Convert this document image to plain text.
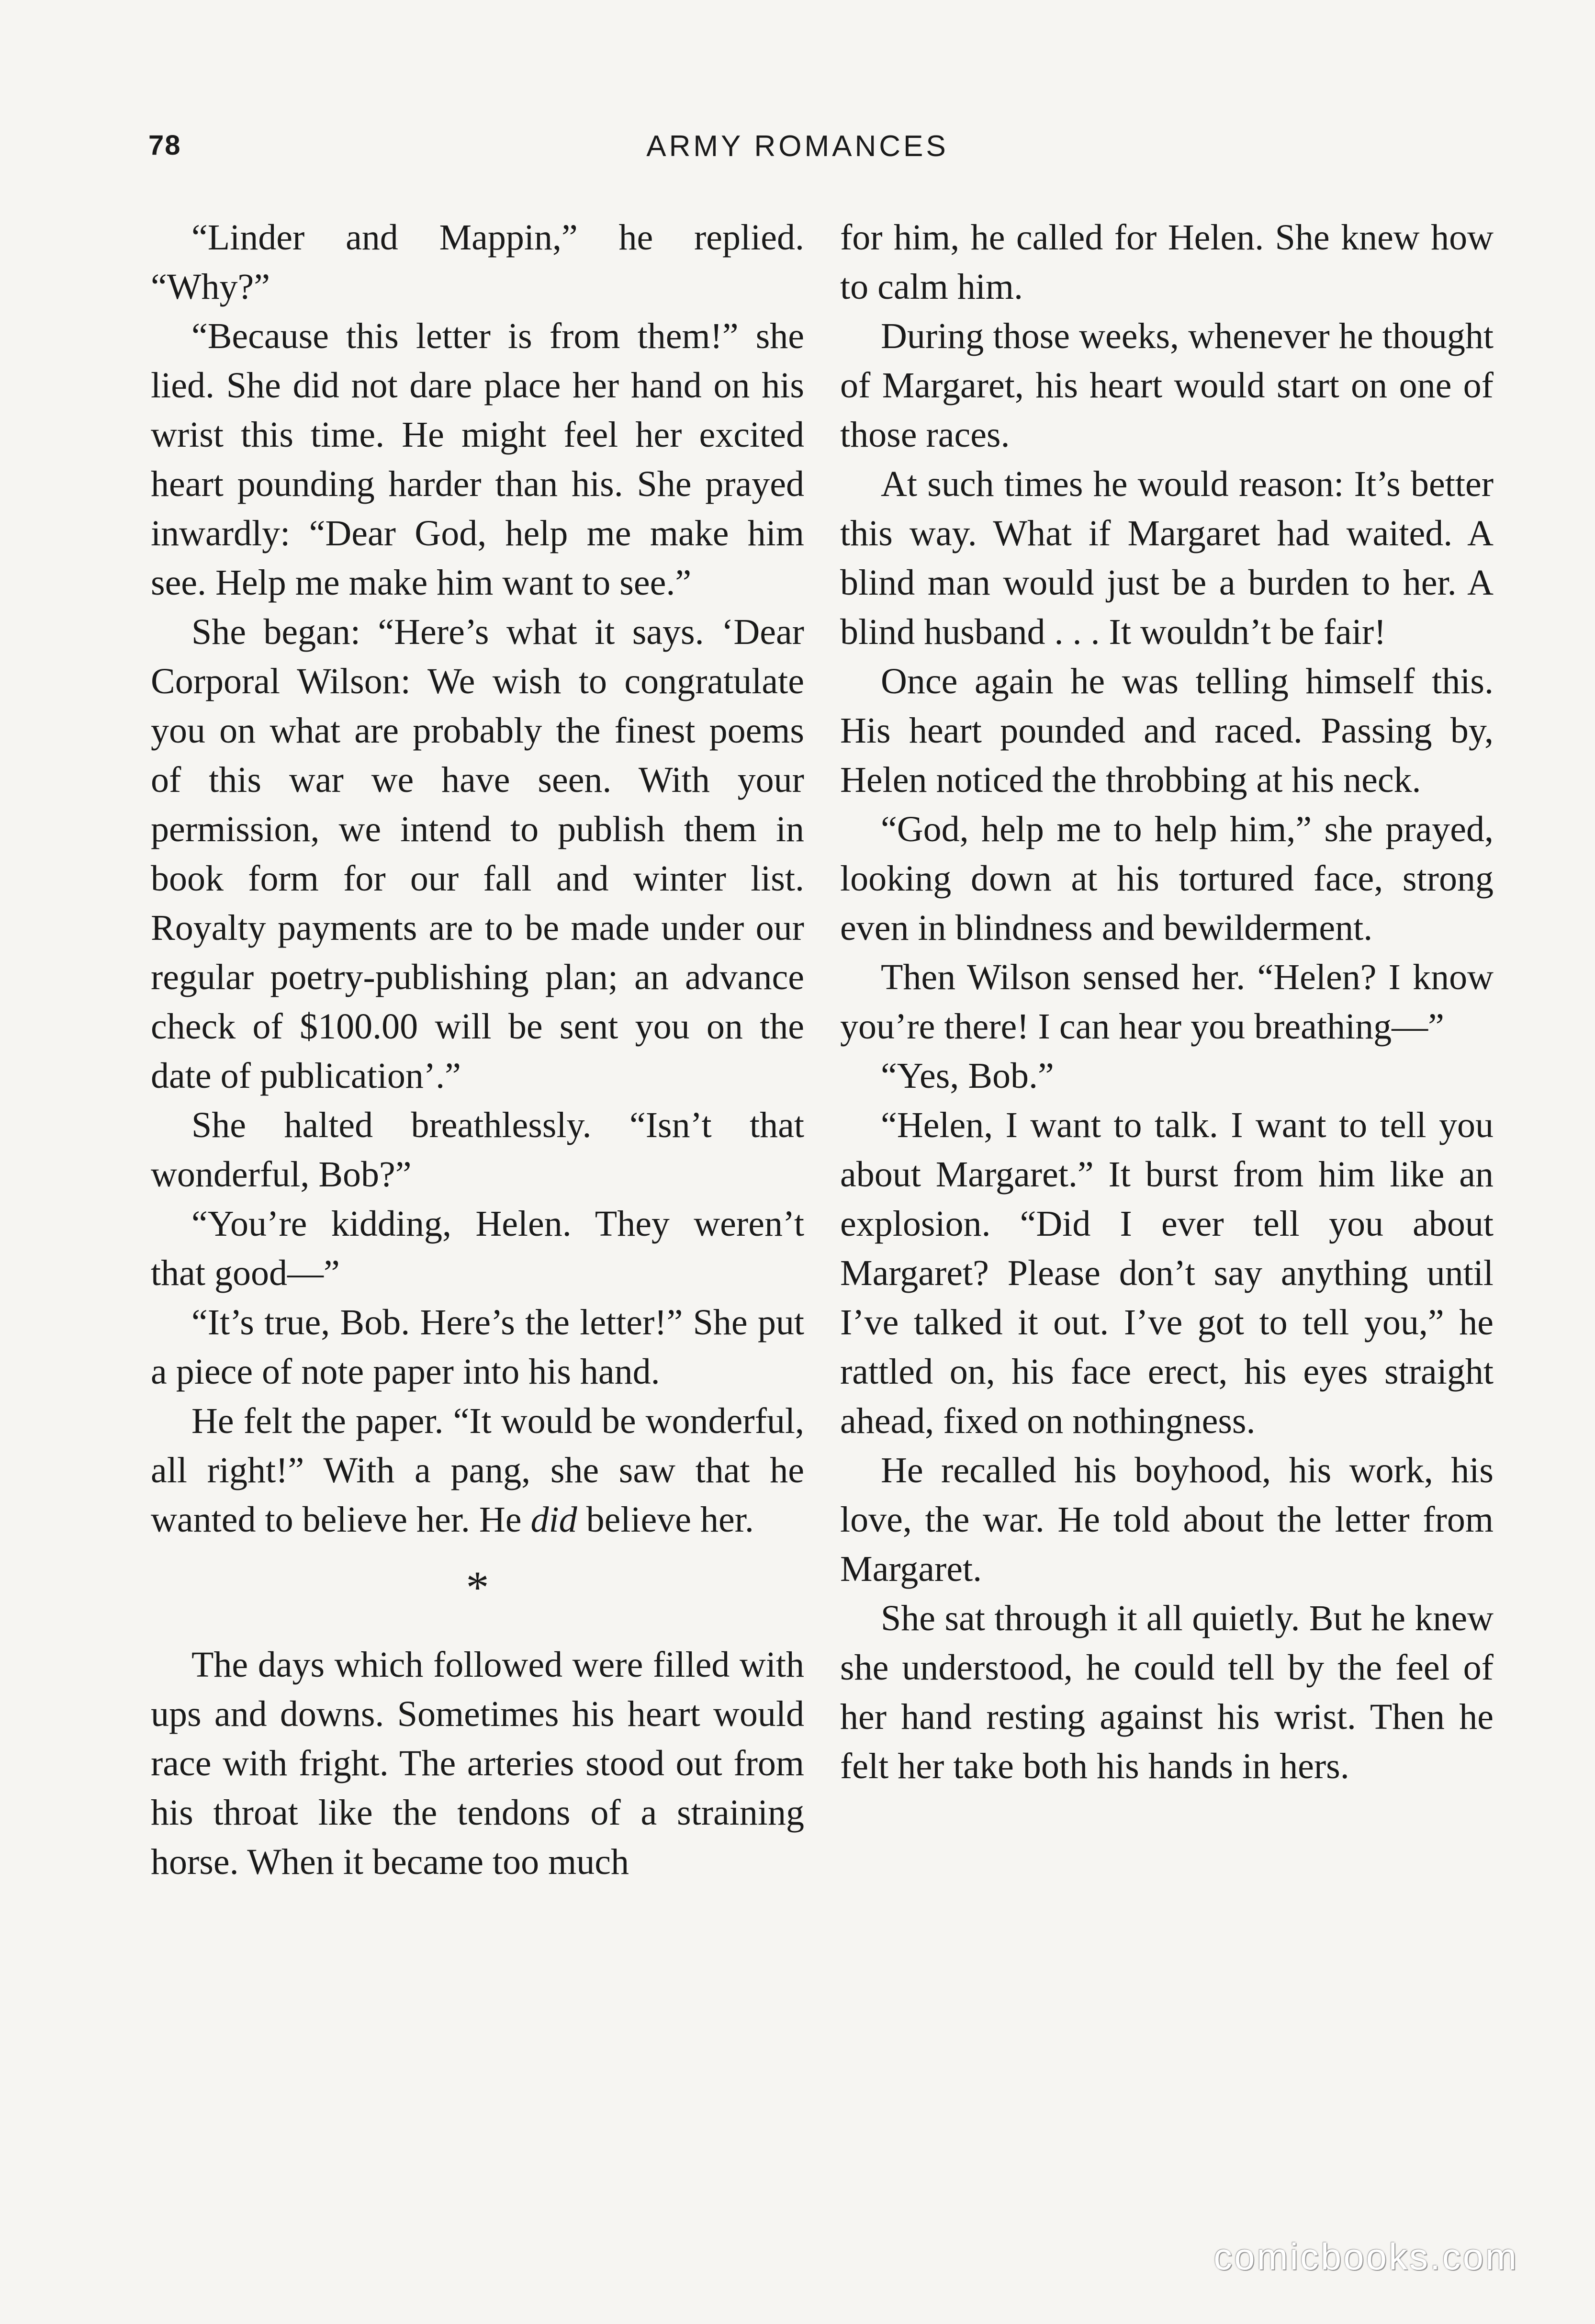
78	ARMY ROMANCES

“Linder and Mappin,” he replied. “Why?”

“Because this letter is from them!” she lied. She did not dare place her hand on his wrist this time. He might feel her excited heart pounding harder than his. She prayed inwardly: “Dear God, help me make him see. Help me make him want to see.”

She began: “Here’s what it says. ‘Dear Corporal Wilson: We wish to congratulate you on what are probably the finest poems of this war we have seen. With your permission, we intend to publish them in book form for our fall and winter list. Royalty payments are to be made under our regular poetry-publishing plan; an advance check of $100.00 will be sent you on the date of publication’.”

She halted breathlessly. “Isn’t that wonderful, Bob?”

“You’re kidding, Helen. They weren’t that good—”

“It’s true, Bob. Here’s the letter!” She put a piece of note paper into his hand.

He felt the paper. “It would be wonderful, all right!” With a pang, she saw that he wanted to believe her. He did believe her.

*

The days which followed were filled with ups and downs. Sometimes his heart would race with fright. The arteries stood out from his throat like the tendons of a straining horse. When it became too much

for him, he called for Helen. She knew how to calm him.

During those weeks, whenever he thought of Margaret, his heart would start on one of those races.

At such times he would reason: It’s better this way. What if Margaret had waited. A blind man would just be a burden to her. A blind husband . . . It wouldn’t be fair!

Once again he was telling himself this. His heart pounded and raced. Passing by, Helen noticed the throbbing at his neck.

“God, help me to help him,” she prayed, looking down at his tortured face, strong even in blindness and bewilderment.

Then Wilson sensed her. “Helen? I know you’re there! I can hear you breathing—”

“Yes, Bob.”

“Helen, I want to talk. I want to tell you about Margaret.” It burst from him like an explosion. “Did I ever tell you about Margaret? Please don’t say anything until I’ve talked it out. I’ve got to tell you,” he rattled on, his face erect, his eyes straight ahead, fixed on nothingness.

He recalled his boyhood, his work, his love, the war. He told about the letter from Margaret.

She sat through it all quietly. But he knew she understood, he could tell by the feel of her hand resting against his wrist. Then he felt her take both his hands in hers.

comicbooks.com
